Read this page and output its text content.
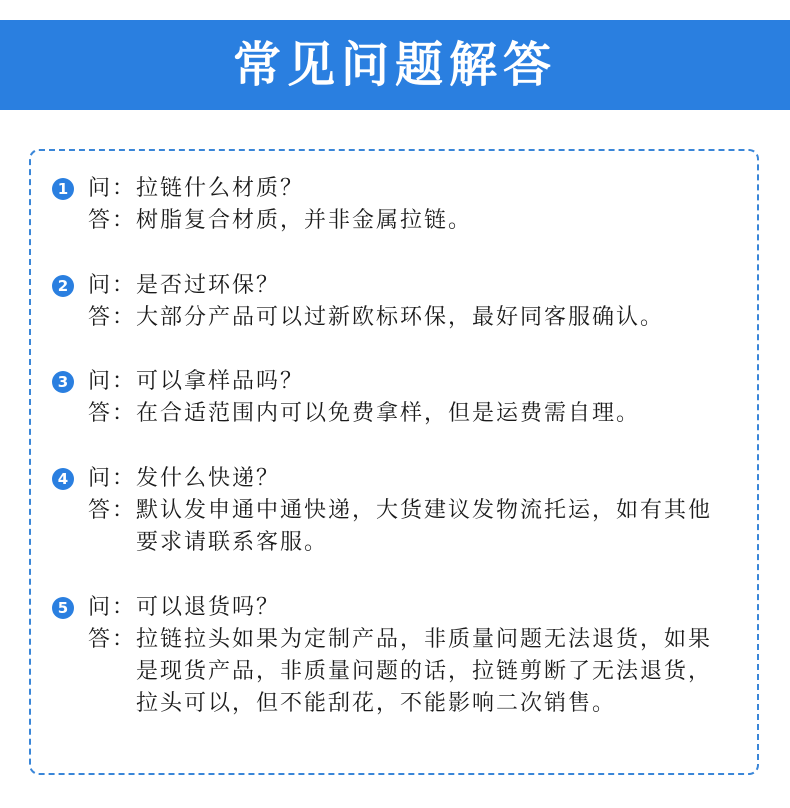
常见问题解答
1 问： 拉链什么材质？
答： 树脂复合材质，并非金属拉链。
2 问： 是否过环保？
答： 大部分产品可以过新欧标环保，最好同客服确认。
3 问： 可以拿样品吗？
答： 在合适范围内可以免费拿样，但是运费需自理。
4 问： 发什么快递？
答： 默认发申通中通快递，大货建议发物流托运，如有其他要求请联系客服。
5 问： 可以退货吗？
答： 拉链拉头如果为定制产品，非质量问题无法退货，如果是现货产品，非质量问题的话，拉链剪断了无法退货，拉头可以，但不能刮花，不能影响二次销售。
